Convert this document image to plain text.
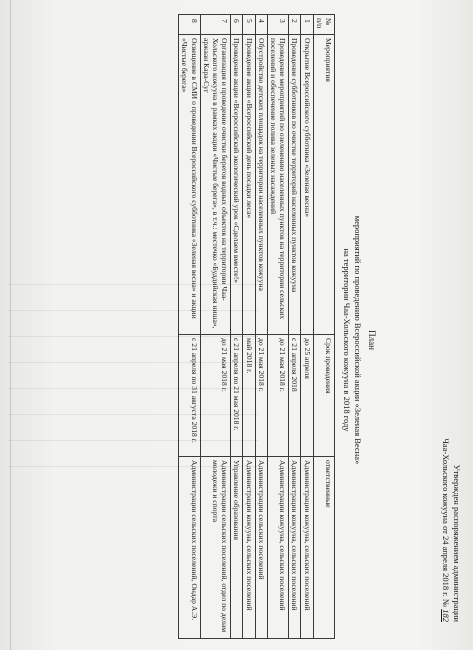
Утвержден распоряжением администрации
Чаа-Хольского кожууна от 24 апреля 2018 г. № 182
План
мероприятий по проведению Всероссийской акции «Зеленая Весна»
на территории Чаа-Хольского кожууна в 2018 году
№ п/п	Мероприятия	Срок проведения	ответственные
1	Открытие Всероссийского субботника «Зеленая весна»	до 25 апреля	Администрации кожуунa, сельских поселений
2	Проведение субботников по очистке территорий населенных пунктов кожууна	с 21 апреля 2018	Администрации кожууна, сельских поселений
3	Проведение мероприятий по озеленению населенных пунктов на территории сельских поселений и обеспечение полива зеленых насаждений	до 21 мая 2018 г.	Администрации кожууна, сельских поселений
4	Обустройство детских площадок на территории населенных пунктов кожууна	до 21 мая 2018 г.	Администрации сельских поселений
5	Проведение акции «Всероссийский день посадки леса»	май 2018 г.	Администрации кожууна, сельских поселений
6	Проведение акции «Всероссийский экологический урок «Сделаем вместе!»	с 21 апреля по 21 мая 2018 г.	Управление образования
7	Организация и проведение очистки берегов водных объектов на территории Чаа-Хольского кожууна в рамках акции «Чистые берега», в т.ч.: местечко «Буддийская ниша», аржаан Кара-Суг	до 21 мая 2018 г.	Администрации сельских поселений, отдел по делам молодежи и спорта
8	Освещение в СМИ о проведении Всероссийского субботника «Зеленая весна» и акции «Чистые берега»	с 21 апреля по 31 августа 2018 г.	Администрации сельских поселений, Ондар А.Э.
